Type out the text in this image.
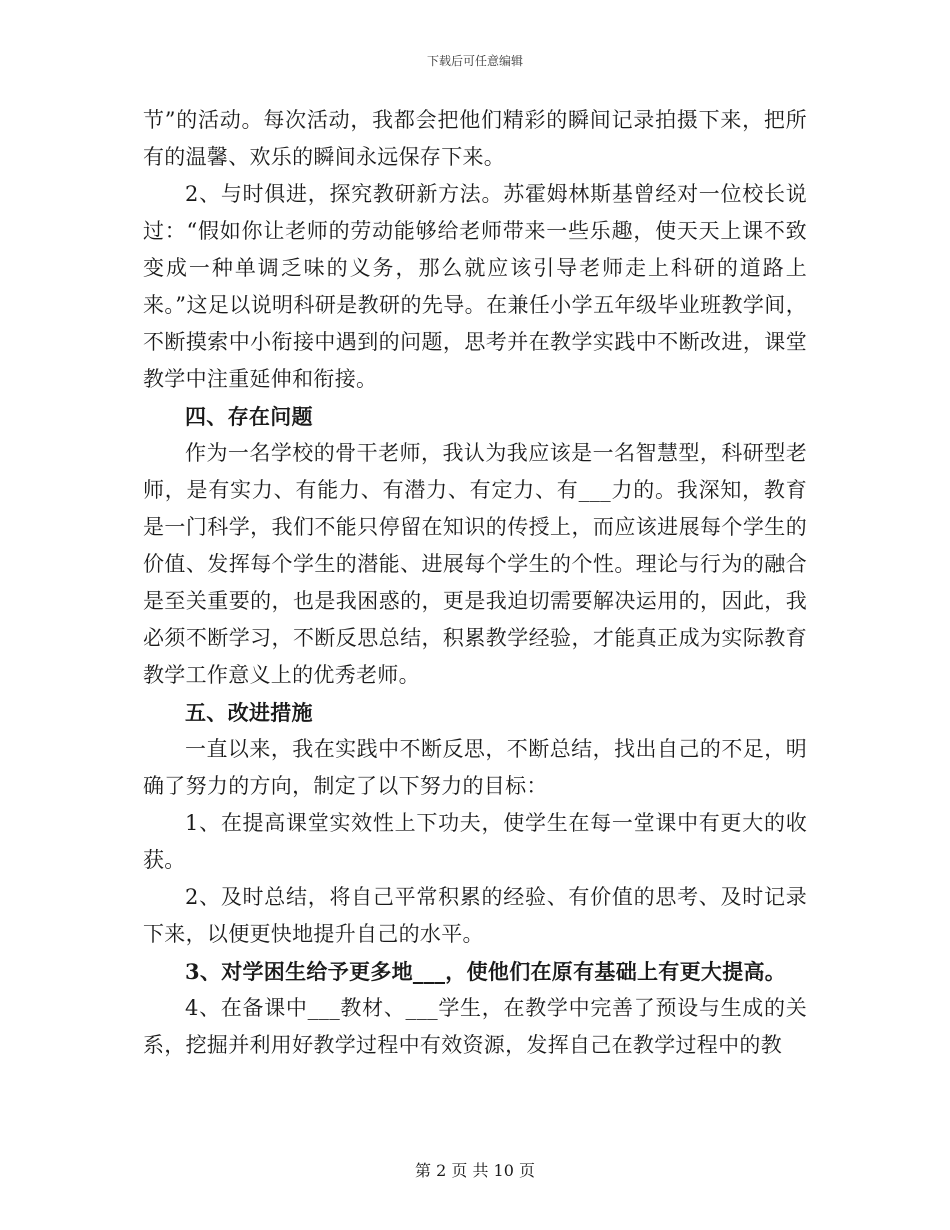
下载后可任意编辑

节”的活动。每次活动，我都会把他们精彩的瞬间记录拍摄下来，把所有的温馨、欢乐的瞬间永远保存下来。

2、与时俱进，探究教研新方法。苏霍姆林斯基曾经对一位校长说过：“假如你让老师的劳动能够给老师带来一些乐趣，使天天上课不致变成一种单调乏味的义务，那么就应该引导老师走上科研的道路上来。”这足以说明科研是教研的先导。在兼任小学五年级毕业班教学间，不断摸索中小衔接中遇到的问题，思考并在教学实践中不断改进，课堂教学中注重延伸和衔接。

四、存在问题

作为一名学校的骨干老师，我认为我应该是一名智慧型，科研型老师，是有实力、有能力、有潜力、有定力、有___力的。我深知，教育是一门科学，我们不能只停留在知识的传授上，而应该进展每个学生的价值、发挥每个学生的潜能、进展每个学生的个性。理论与行为的融合是至关重要的，也是我困惑的，更是我迫切需要解决运用的，因此，我必须不断学习，不断反思总结，积累教学经验，才能真正成为实际教育教学工作意义上的优秀老师。

五、改进措施

一直以来，我在实践中不断反思，不断总结，找出自己的不足，明确了努力的方向，制定了以下努力的目标：

1、在提高课堂实效性上下功夫，使学生在每一堂课中有更大的收获。

2、及时总结，将自己平常积累的经验、有价值的思考、及时记录下来，以便更快地提升自己的水平。

3、对学困生给予更多地___，使他们在原有基础上有更大提高。

4、在备课中___教材、___学生，在教学中完善了预设与生成的关系，挖掘并利用好教学过程中有效资源，发挥自己在教学过程中的教

第 2 页 共 10 页
